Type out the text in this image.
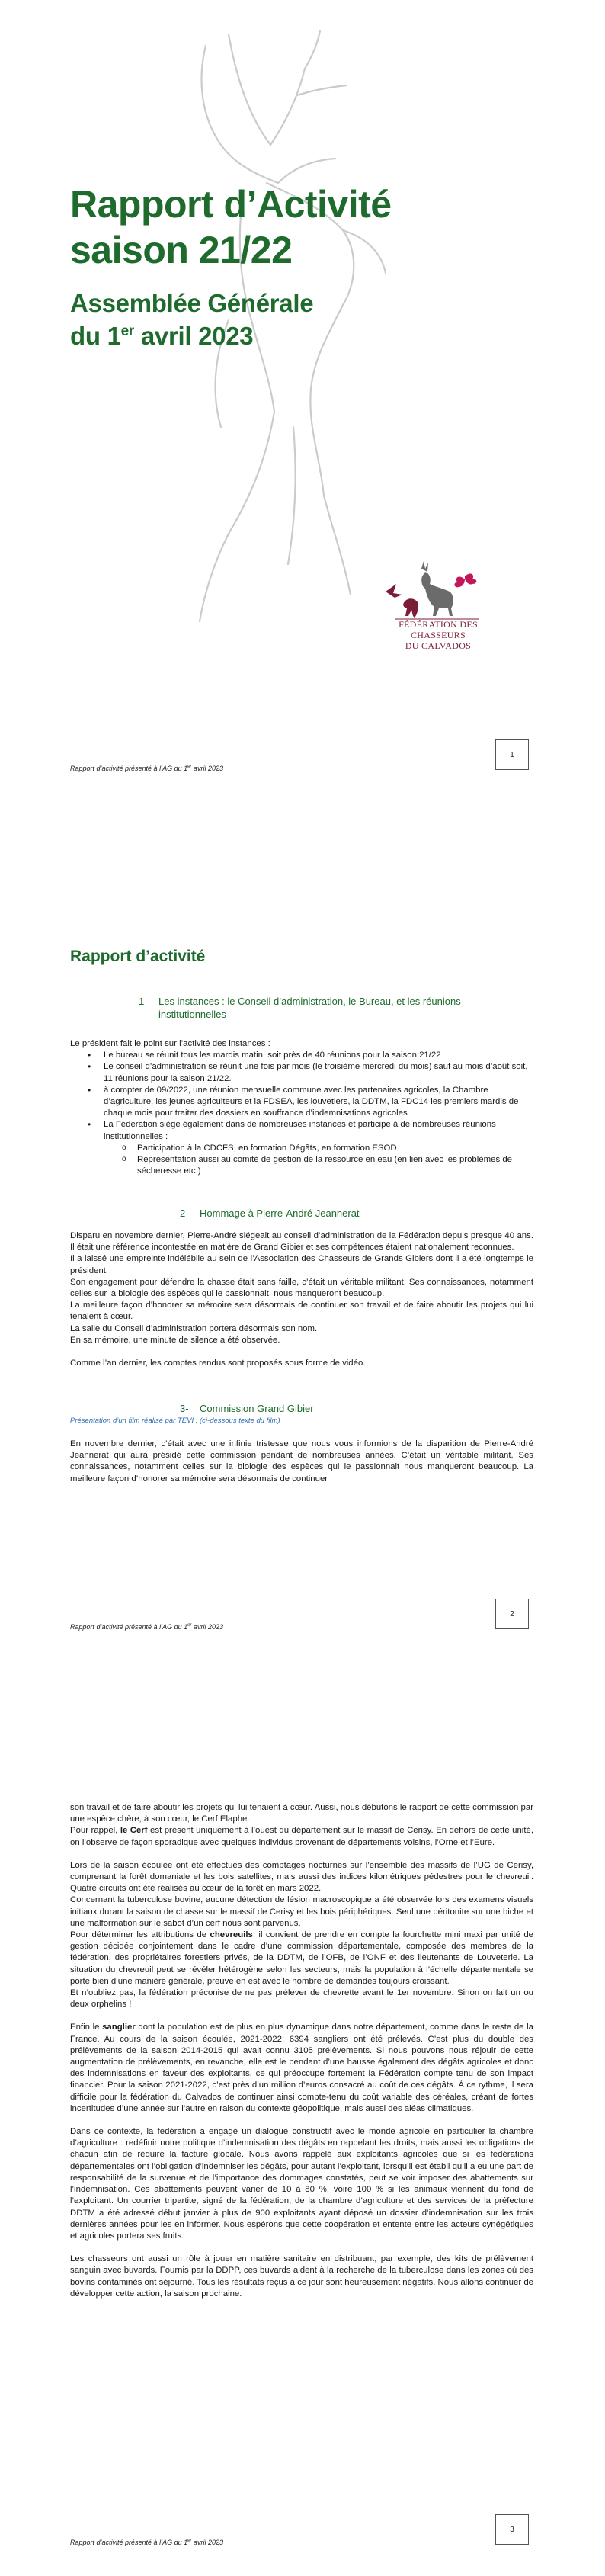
Rapport d’Activité
saison 21/22
Assemblée Générale
du 1er avril 2023
FÉDÉRATION DES CHASSEURS
DU CALVADOS
Rapport d’activité présenté à l’AG du 1er avril 2023
1
Rapport d’activité
1- Les instances : le Conseil d’administration, le Bureau, et les réunions
institutionnelles

Le président fait le point sur l’activité des instances :

• Le bureau se réunit tous les mardis matin, soit près de 40 réunions pour la saison 21/22
• Le conseil d’administration se réunit une fois par mois (le troisième mercredi du mois) sauf au mois d’août soit, 11 réunions pour la saison 21/22.
• à compter de 09/2022, une réunion mensuelle commune avec les partenaires agricoles, la Chambre d’agriculture, les jeunes agriculteurs et la FDSEA, les louvetiers, la DDTM, la FDC14 les premiers mardis de chaque mois pour traiter des dossiers en souffrance d’indemnisations agricoles
• La Fédération siège également dans de nombreuses instances et participe à de nombreuses réunions institutionnelles :
o Participation à la CDCFS, en formation Dégâts, en formation ESOD
o Représentation aussi au comité de gestion de la ressource en eau (en lien avec les problèmes de sécheresse etc.)
2- Hommage à Pierre-André Jeannerat

Disparu en novembre dernier, Pierre-André siégeait au conseil d’administration de la Fédération depuis presque 40 ans. Il était une référence incontestée en matière de Grand Gibier et ses compétences étaient nationalement reconnues.

Il a laissé une empreinte indélébile au sein de l’Association des Chasseurs de Grands Gibiers dont il a été longtemps le président.

Son engagement pour défendre la chasse était sans faille, c’était un véritable militant. Ses connaissances, notamment celles sur la biologie des espèces qui le passionnait, nous manqueront beaucoup.

La meilleure façon d’honorer sa mémoire sera désormais de continuer son travail et de faire aboutir les projets qui lui tenaient à cœur.

La salle du Conseil d’administration portera désormais son nom.

En sa mémoire, une minute de silence a été observée.

Comme l’an dernier, les comptes rendus sont proposés sous forme de vidéo.

3- Commission Grand Gibier
Présentation d’un film réalisé par TEVI : (ci-dessous texte du film)

En novembre dernier, c’était avec une infinie tristesse que nous vous informions de la disparition de Pierre-André Jeannerat qui aura présidé cette commission pendant de nombreuses années. C’était un véritable militant. Ses connaissances, notamment celles sur la biologie des espèces qui le passionnait nous manqueront beaucoup. La meilleure façon d’honorer sa mémoire sera désormais de continuer

Rapport d’activité présenté à l’AG du 1er avril 2023
2

son travail et de faire aboutir les projets qui lui tenaient à cœur. Aussi, nous débutons le rapport de cette commission par une espèce chère, à son cœur, le Cerf Elaphe.

Pour rappel, le Cerf est présent uniquement à l’ouest du département sur le massif de Cerisy. En dehors de cette unité, on l’observe de façon sporadique avec quelques individus provenant de départements voisins, l’Orne et l’Eure.

Lors de la saison écoulée ont été effectués des comptages nocturnes sur l’ensemble des massifs de l’UG de Cerisy, comprenant la forêt domaniale et les bois satellites, mais aussi des indices kilométriques pédestres pour le chevreuil. Quatre circuits ont été réalisés au cœur de la forêt en mars 2022.

Concernant la tuberculose bovine, aucune détection de lésion macroscopique a été observée lors des examens visuels initiaux durant la saison de chasse sur le massif de Cerisy et les bois périphériques. Seul une péritonite sur une biche et une malformation sur le sabot d’un cerf nous sont parvenus.

Pour déterminer les attributions de chevreuils, il convient de prendre en compte la fourchette mini maxi par unité de gestion décidée conjointement dans le cadre d’une commission départementale, composée des membres de la fédération, des propriétaires forestiers privés, de la DDTM, de l’OFB, de l’ONF et des lieutenants de Louveterie. La situation du chevreuil peut se révéler hétérogène selon les secteurs, mais la population à l’échelle départementale se porte bien d’une manière générale, preuve en est avec le nombre de demandes toujours croissant.

Et n’oubliez pas, la fédération préconise de ne pas prélever de chevrette avant le 1er novembre. Sinon on fait un ou deux orphelins !

Enfin le sanglier dont la population est de plus en plus dynamique dans notre département, comme dans le reste de la France. Au cours de la saison écoulée, 2021-2022, 6394 sangliers ont été prélevés. C’est plus du double des prélèvements de la saison 2014-2015 qui avait connu 3105 prélèvements. Si nous pouvons nous réjouir de cette augmentation de prélèvements, en revanche, elle est le pendant d’une hausse également des dégâts agricoles et donc des indemnisations en faveur des exploitants, ce qui préoccupe fortement la Fédération compte tenu de son impact financier. Pour la saison 2021-2022, c’est près d’un million d’euros consacré au coût de ces dégâts. À ce rythme, il sera difficile pour la fédération du Calvados de continuer ainsi compte-tenu du coût variable des céréales, créant de fortes incertitudes d’une année sur l’autre en raison du contexte géopolitique, mais aussi des aléas climatiques.

Dans ce contexte, la fédération a engagé un dialogue constructif avec le monde agricole en particulier la chambre d’agriculture : redéfinir notre politique d’indemnisation des dégâts en rappelant les droits, mais aussi les obligations de chacun afin de réduire la facture globale. Nous avons rappelé aux exploitants agricoles que si les fédérations départementales ont l’obligation d’indemniser les dégâts, pour autant l’exploitant, lorsqu’il est établi qu’il a eu une part de responsabilité de la survenue et de l’importance des dommages constatés, peut se voir imposer des abattements sur l’indemnisation. Ces abattements peuvent varier de 10 à 80 %, voire 100 % si les animaux viennent du fond de l’exploitant. Un courrier tripartite, signé de la fédération, de la chambre d’agriculture et des services de la préfecture DDTM a été adressé début janvier à plus de 900 exploitants ayant déposé un dossier d’indemnisation sur les trois dernières années pour les en informer. Nous espérons que cette coopération et entente entre les acteurs cynégétiques et agricoles portera ses fruits.

Les chasseurs ont aussi un rôle à jouer en matière sanitaire en distribuant, par exemple, des kits de prélèvement sanguin avec buvards. Fournis par la DDPP, ces buvards aident à la recherche de la tuberculose dans les zones où des bovins contaminés ont séjourné. Tous les résultats reçus à ce jour sont heureusement négatifs. Nous allons continuer de développer cette action, la saison prochaine.

Rapport d’activité présenté à l’AG du 1er avril 2023
3
